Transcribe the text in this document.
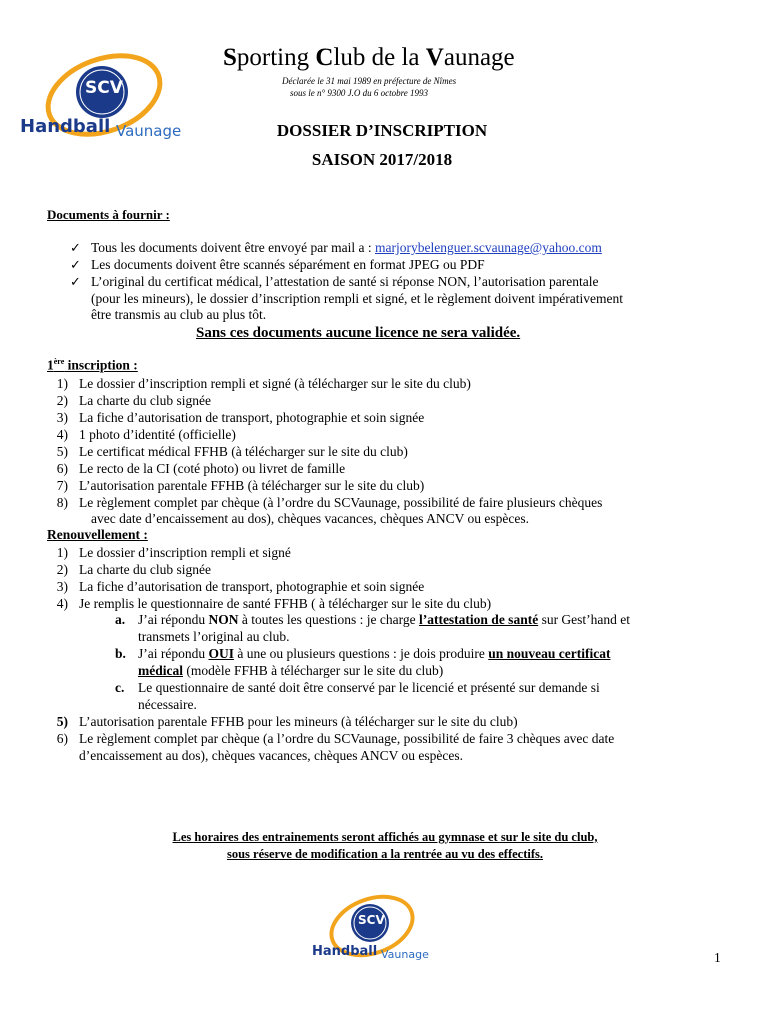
SCV
Handball Vaunage
Sporting Club de la Vaunage
Déclarée le 31 mai 1989 en préfecture de Nîmes
sous le n° 9300 J.O du 6 octobre 1993
DOSSIER D’INSCRIPTION
SAISON 2017/2018
Documents à fournir :
✓ Tous les documents doivent être envoyé par mail a : marjorybelenguer.scvaunage@yahoo.com
✓ Les documents doivent être scannés séparément en format JPEG ou PDF
✓ L’original du certificat médical, l’attestation de santé si réponse NON, l’autorisation parentale
(pour les mineurs), le dossier d’inscription rempli et signé, et le règlement doivent impérativement
être transmis au club au plus tôt.
Sans ces documents aucune licence ne sera validée.
1ère inscription :
1) Le dossier d’inscription rempli et signé (à télécharger sur le site du club)
2) La charte du club signée
3) La fiche d’autorisation de transport, photographie et soin signée
4) 1 photo d’identité (officielle)
5) Le certificat médical FFHB (à télécharger sur le site du club)
6) Le recto de la CI (coté photo) ou livret de famille
7) L’autorisation parentale FFHB (à télécharger sur le site du club)
8) Le règlement complet par chèque (à l’ordre du SCVaunage, possibilité de faire plusieurs chèques
avec date d’encaissement au dos), chèques vacances, chèques ANCV ou espèces.
Renouvellement :
1) Le dossier d’inscription rempli et signé
2) La charte du club signée
3) La fiche d’autorisation de transport, photographie et soin signée
4) Je remplis le questionnaire de santé FFHB ( à télécharger sur le site du club)
a. J’ai répondu NON à toutes les questions : je charge l’attestation de santé sur Gest’hand et
transmets l’original au club.
b. J’ai répondu OUI à une ou plusieurs questions : je dois produire un nouveau certificat
médical (modèle FFHB à télécharger sur le site du club)
c. Le questionnaire de santé doit être conservé par le licencié et présenté sur demande si
nécessaire.
5) L’autorisation parentale FFHB pour les mineurs (à télécharger sur le site du club)
6) Le règlement complet par chèque (a l’ordre du SCVaunage, possibilité de faire 3 chèques avec date
d’encaissement au dos), chèques vacances, chèques ANCV ou espèces.
Les horaires des entrainements seront affichés au gymnase et sur le site du club,
sous réserve de modification a la rentrée au vu des effectifs.
SCV
Handball Vaunage	1
